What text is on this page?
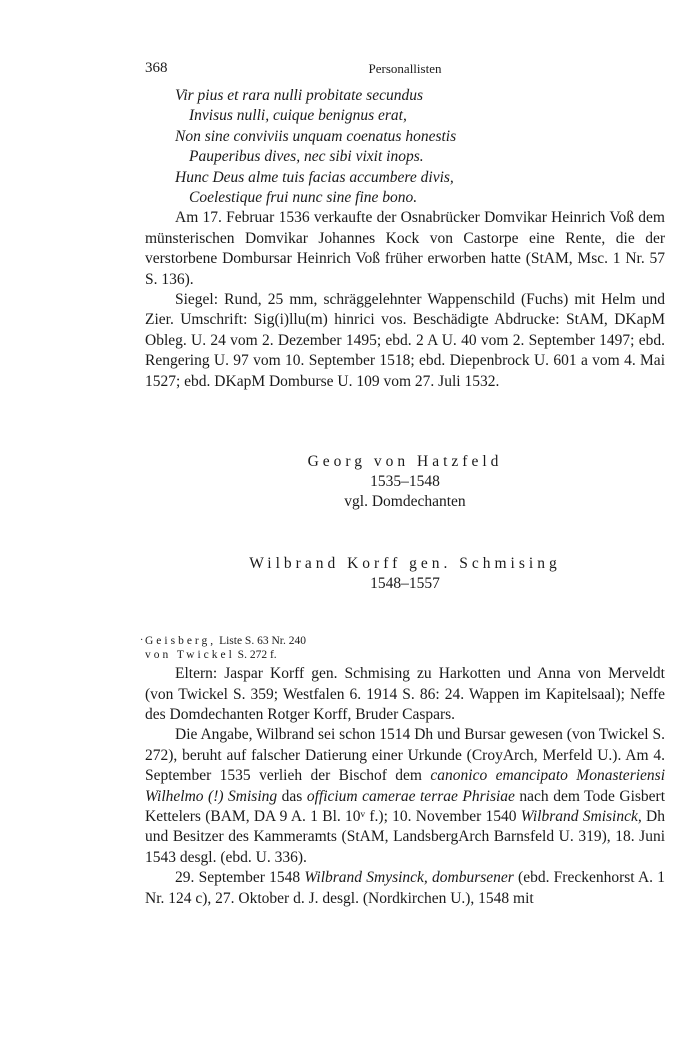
368	Personallisten
Vir pius et rara nulli probitate secundus
Invisus nulli, cuique benignus erat,
Non sine conviviis unquam coenatus honestis
Pauperibus dives, nec sibi vixit inops.
Hunc Deus alme tuis facias accumbere divis,
Coelestique frui nunc sine fine bono.

Am 17. Februar 1536 verkaufte der Osnabrücker Domvikar Heinrich Voß dem münsterischen Domvikar Johannes Kock von Castorpe eine Rente, die der verstorbene Dombursar Heinrich Voß früher erworben hatte (StAM, Msc. 1 Nr. 57 S. 136).

Siegel: Rund, 25 mm, schräggelehnter Wappenschild (Fuchs) mit Helm und Zier. Umschrift: Sig(i)llu(m) hinrici vos. Beschädigte Abdrucke: StAM, DKapM Obleg. U. 24 vom 2. Dezember 1495; ebd. 2 A U. 40 vom 2. September 1497; ebd. Rengering U. 97 vom 10. September 1518; ebd. Diepenbrock U. 601 a vom 4. Mai 1527; ebd. DKapM Domburse U. 109 vom 27. Juli 1532.

Georg von Hatzfeld
1535–1548
vgl. Domdechanten
Wilbrand Korff gen. Schmising
1548–1557
· Geisberg, Liste S. 63 Nr. 240
von Twickel S. 272 f.

Eltern: Jaspar Korff gen. Schmising zu Harkotten und Anna von Merveldt (von Twickel S. 359; Westfalen 6. 1914 S. 86: 24. Wappen im Kapitelsaal); Neffe des Domdechanten Rotger Korff, Bruder Caspars.

Die Angabe, Wilbrand sei schon 1514 Dh und Bursar gewesen (von Twickel S. 272), beruht auf falscher Datierung einer Urkunde (CroyArch, Merfeld U.). Am 4. September 1535 verlieh der Bischof dem canonico emancipato Monasteriensi Wilhelmo (!) Smising das officium camerae terrae Phrisiae nach dem Tode Gisbert Kettelers (BAM, DA 9 A. 1 Bl. 10ᵛ f.); 10. November 1540 Wilbrand Smisinck, Dh und Besitzer des Kammeramts (StAM, LandsbergArch Barnsfeld U. 319), 18. Juni 1543 desgl. (ebd. U. 336).

29. September 1548 Wilbrand Smysinck, dombursener (ebd. Freckenhorst A. 1 Nr. 124 c), 27. Oktober d. J. desgl. (Nordkirchen U.), 1548 mit
